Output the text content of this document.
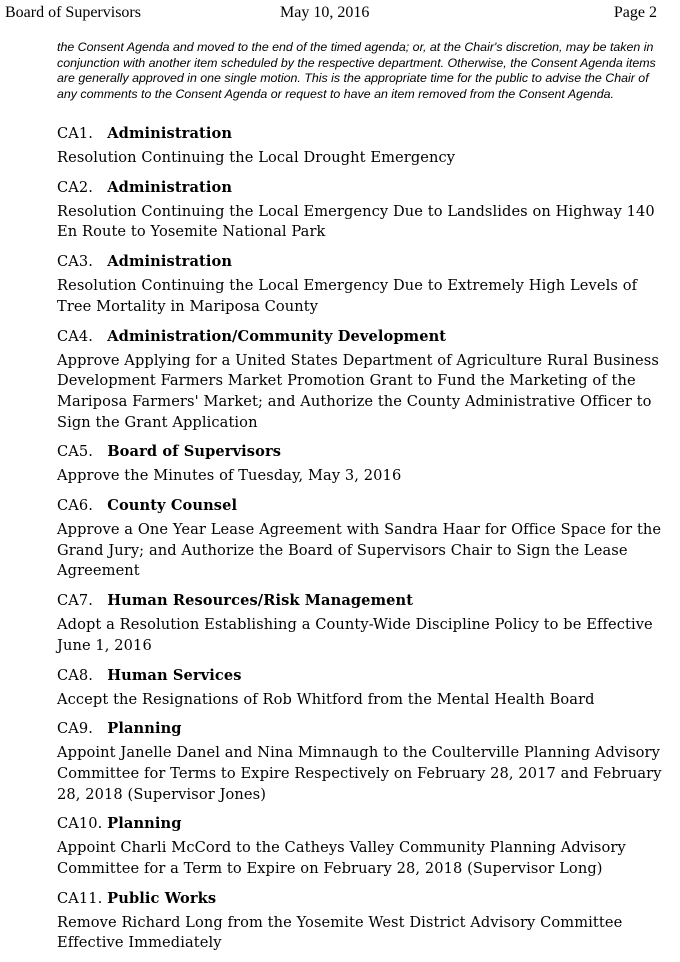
Board of Supervisors	May 10, 2016	Page 2

the Consent Agenda and moved to the end of the timed agenda; or, at the Chair's discretion, may be taken in conjunction with another item scheduled by the respective department. Otherwise, the Consent Agenda items are generally approved in one single motion. This is the appropriate time for the public to advise the Chair of any comments to the Consent Agenda or request to have an item removed from the Consent Agenda.

CA1. Administration
Resolution Continuing the Local Drought Emergency
CA2. Administration
Resolution Continuing the Local Emergency Due to Landslides on Highway 140 En Route to Yosemite National Park
CA3. Administration
Resolution Continuing the Local Emergency Due to Extremely High Levels of Tree Mortality in Mariposa County
CA4. Administration/Community Development
Approve Applying for a United States Department of Agriculture Rural Business Development Farmers Market Promotion Grant to Fund the Marketing of the Mariposa Farmers' Market; and Authorize the County Administrative Officer to Sign the Grant Application
CA5. Board of Supervisors
Approve the Minutes of Tuesday, May 3, 2016
CA6. County Counsel
Approve a One Year Lease Agreement with Sandra Haar for Office Space for the Grand Jury; and Authorize the Board of Supervisors Chair to Sign the Lease Agreement
CA7. Human Resources/Risk Management
Adopt a Resolution Establishing a County-Wide Discipline Policy to be Effective June 1, 2016
CA8. Human Services
Accept the Resignations of Rob Whitford from the Mental Health Board
CA9. Planning
Appoint Janelle Danel and Nina Mimnaugh to the Coulterville Planning Advisory Committee for Terms to Expire Respectively on February 28, 2017 and February 28, 2018 (Supervisor Jones)
CA10. Planning
Appoint Charli McCord to the Catheys Valley Community Planning Advisory Committee for a Term to Expire on February 28, 2018 (Supervisor Long)
CA11. Public Works
Remove Richard Long from the Yosemite West District Advisory Committee Effective Immediately
